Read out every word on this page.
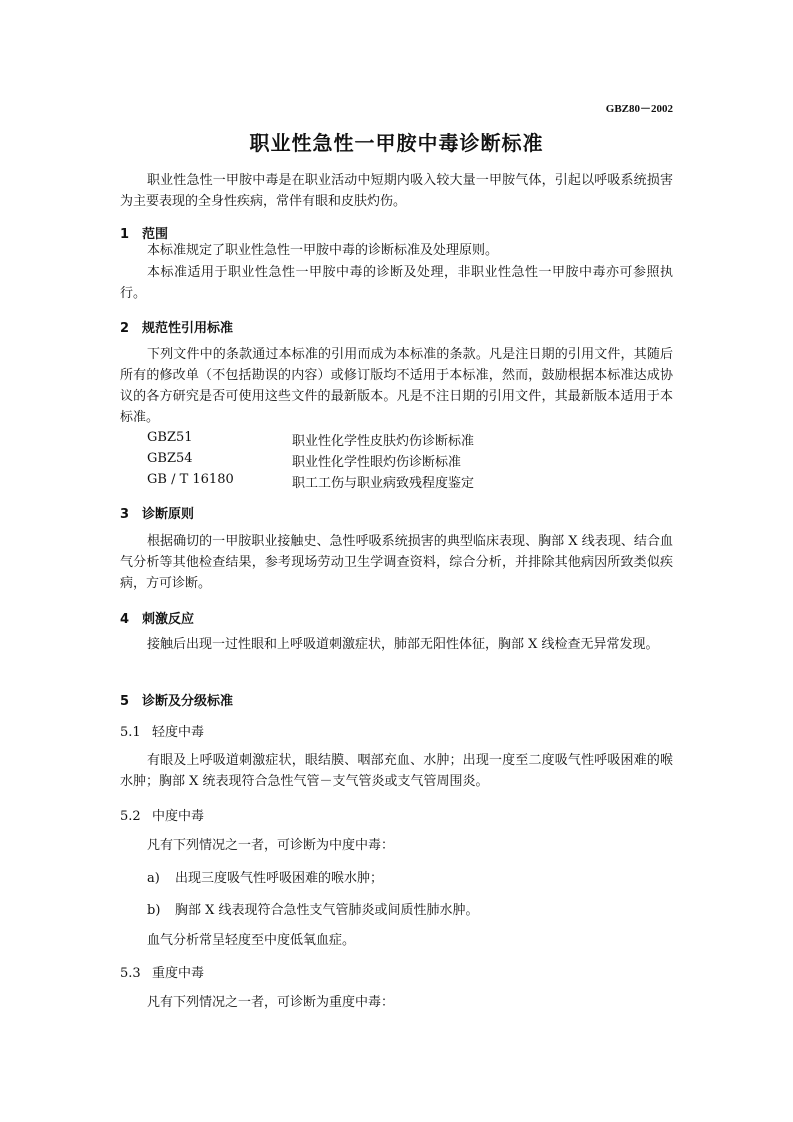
GBZ80－2002
职业性急性一甲胺中毒诊断标准
职业性急性一甲胺中毒是在职业活动中短期内吸入较大量一甲胺气体，引起以呼吸系统损害为主要表现的全身性疾病，常伴有眼和皮肤灼伤。
1 范围
本标准规定了职业性急性一甲胺中毒的诊断标准及处理原则。
本标准适用于职业性急性一甲胺中毒的诊断及处理，非职业性急性一甲胺中毒亦可参照执行。
2 规范性引用标准
下列文件中的条款通过本标准的引用而成为本标准的条款。凡是注日期的引用文件，其随后所有的修改单（不包括勘误的内容）或修订版均不适用于本标准，然而，鼓励根据本标准达成协议的各方研究是否可使用这些文件的最新版本。凡是不注日期的引用文件，其最新版本适用于本标准。
GBZ51	职业性化学性皮肤灼伤诊断标准
GBZ54	职业性化学性眼灼伤诊断标准
GB / T 16180	职工工伤与职业病致残程度鉴定
3 诊断原则
根据确切的一甲胺职业接触史、急性呼吸系统损害的典型临床表现、胸部 X 线表现、结合血气分析等其他检查结果，参考现场劳动卫生学调查资料，综合分析，并排除其他病因所致类似疾病，方可诊断。
4 刺激反应
接触后出现一过性眼和上呼吸道刺激症状，肺部无阳性体征，胸部 X 线检查无异常发现。
5 诊断及分级标准
5.1 轻度中毒
有眼及上呼吸道刺激症状，眼结膜、咽部充血、水肿；出现一度至二度吸气性呼吸困难的喉水肿；胸部 X 统表现符合急性气管－支气管炎或支气管周围炎。
5.2 中度中毒
凡有下列情况之一者，可诊断为中度中毒：
a) 出现三度吸气性呼吸困难的喉水肿；
b) 胸部 X 线表现符合急性支气管肺炎或间质性肺水肿。
血气分析常呈轻度至中度低氧血症。
5.3 重度中毒
凡有下列情况之一者，可诊断为重度中毒：
